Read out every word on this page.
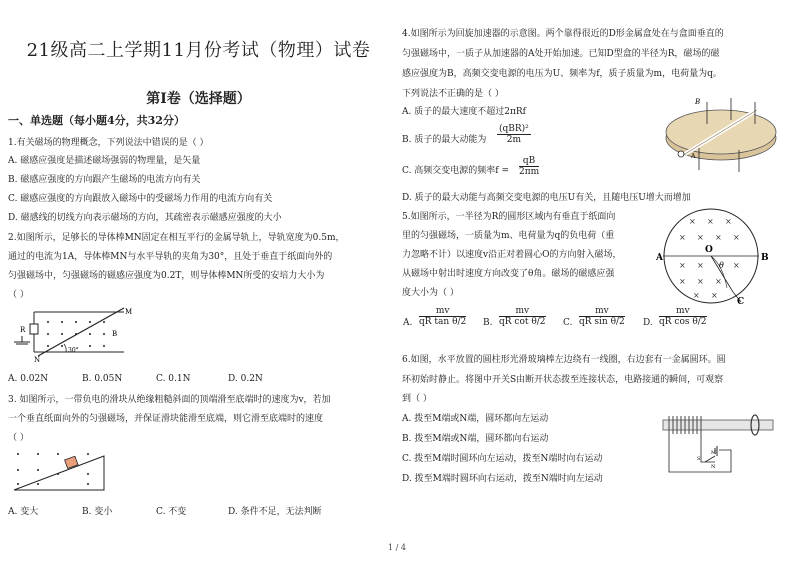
21级高二上学期11月份考试（物理）试卷
第Ⅰ卷（选择题）
一、单选题（每小题4分，共32分）
1.有关磁场的物理概念，下列说法中错误的是（ ）
A. 磁感应强度是描述磁场强弱的物理量，是矢量
B. 磁感应强度的方向跟产生磁场的电流方向有关
C. 磁感应强度的方向跟放入磁场中的受磁场力作用的电流方向有关
D. 磁感线的切线方向表示磁场的方向，其疏密表示磁感应强度的大小
2.如图所示，足够长的导体棒MN固定在相互平行的金属导轨上，导轨宽度为0.5m，
通过的电流为1A，导体棒MN与水平导轨的夹角为30°，且处于垂直于纸面向外的
匀强磁场中，匀强磁场的磁感应强度为0.2T，则导体棒MN所受的安培力大小为
（ ）
M
N
R	B
30°
A. 0.02N	B. 0.05N	C. 0.1N	D. 0.2N
3. 如图所示，一带负电的滑块从绝缘粗糙斜面的顶端滑至底端时的速度为v，若加
一个垂直纸面向外的匀强磁场，并保证滑块能滑至底端，则它滑至底端时的速度
（ ）
A. 变大	B. 变小	C. 不变	D. 条件不足，无法判断
4.如图所示为回旋加速器的示意图。两个靠得很近的D形金属盒处在与盒面垂直的
匀强磁场中，一质子从加速器的A处开始加速。已知D型盒的半径为R，磁场的磁
感应强度为B，高频交变电源的电压为U、频率为f，质子质量为m，电荷量为q。
下列说法不正确的是（ ）
A. 质子的最大速度不超过2πRf
B. 质子的最大动能为
(qBR)²
2m
C. 高频交变电源的频率$f = \frac{qB}{2\pi m}$
D. 质子的最大动能与高频交变电源的电压U有关，且随电压U增大而增加
B
A
5.如图所示，一半径为R的圆形区域内有垂直于纸面向
里的匀强磁场，一质量为m、电荷量为q的负电荷（重
力忽略不计）以速度v沿正对着圆心O的方向射入磁场，
从磁场中射出时速度方向改变了θ角。磁场的磁感应强
度大小为（ ）
× × ×
× × × ×
× ×	×
× × ×
× ×
O
A	B
C
θ
A.
mv
qR tan θ/2 B.
mv
qR cot θ/2 C.
mv
qR sin θ/2 D.
mv
qR cos θ/2
6.如图，水平放置的圆柱形光滑玻璃棒左边绕有一线圈，右边套有一金属圆环。圆
环初始时静止。将图中开关S由断开状态拨至连接状态，电路接通的瞬间，可观察
到（ ）
A. 拨至M端或N端，圆环都向左运动
B. 拨至M端或N端，圆环都向右运动
C. 拨至M端时圆环向左运动，拨至N端时向右运动
D. 拨至M端时圆环向右运动，拨至N端时向左运动
M
N
S
1 / 4
